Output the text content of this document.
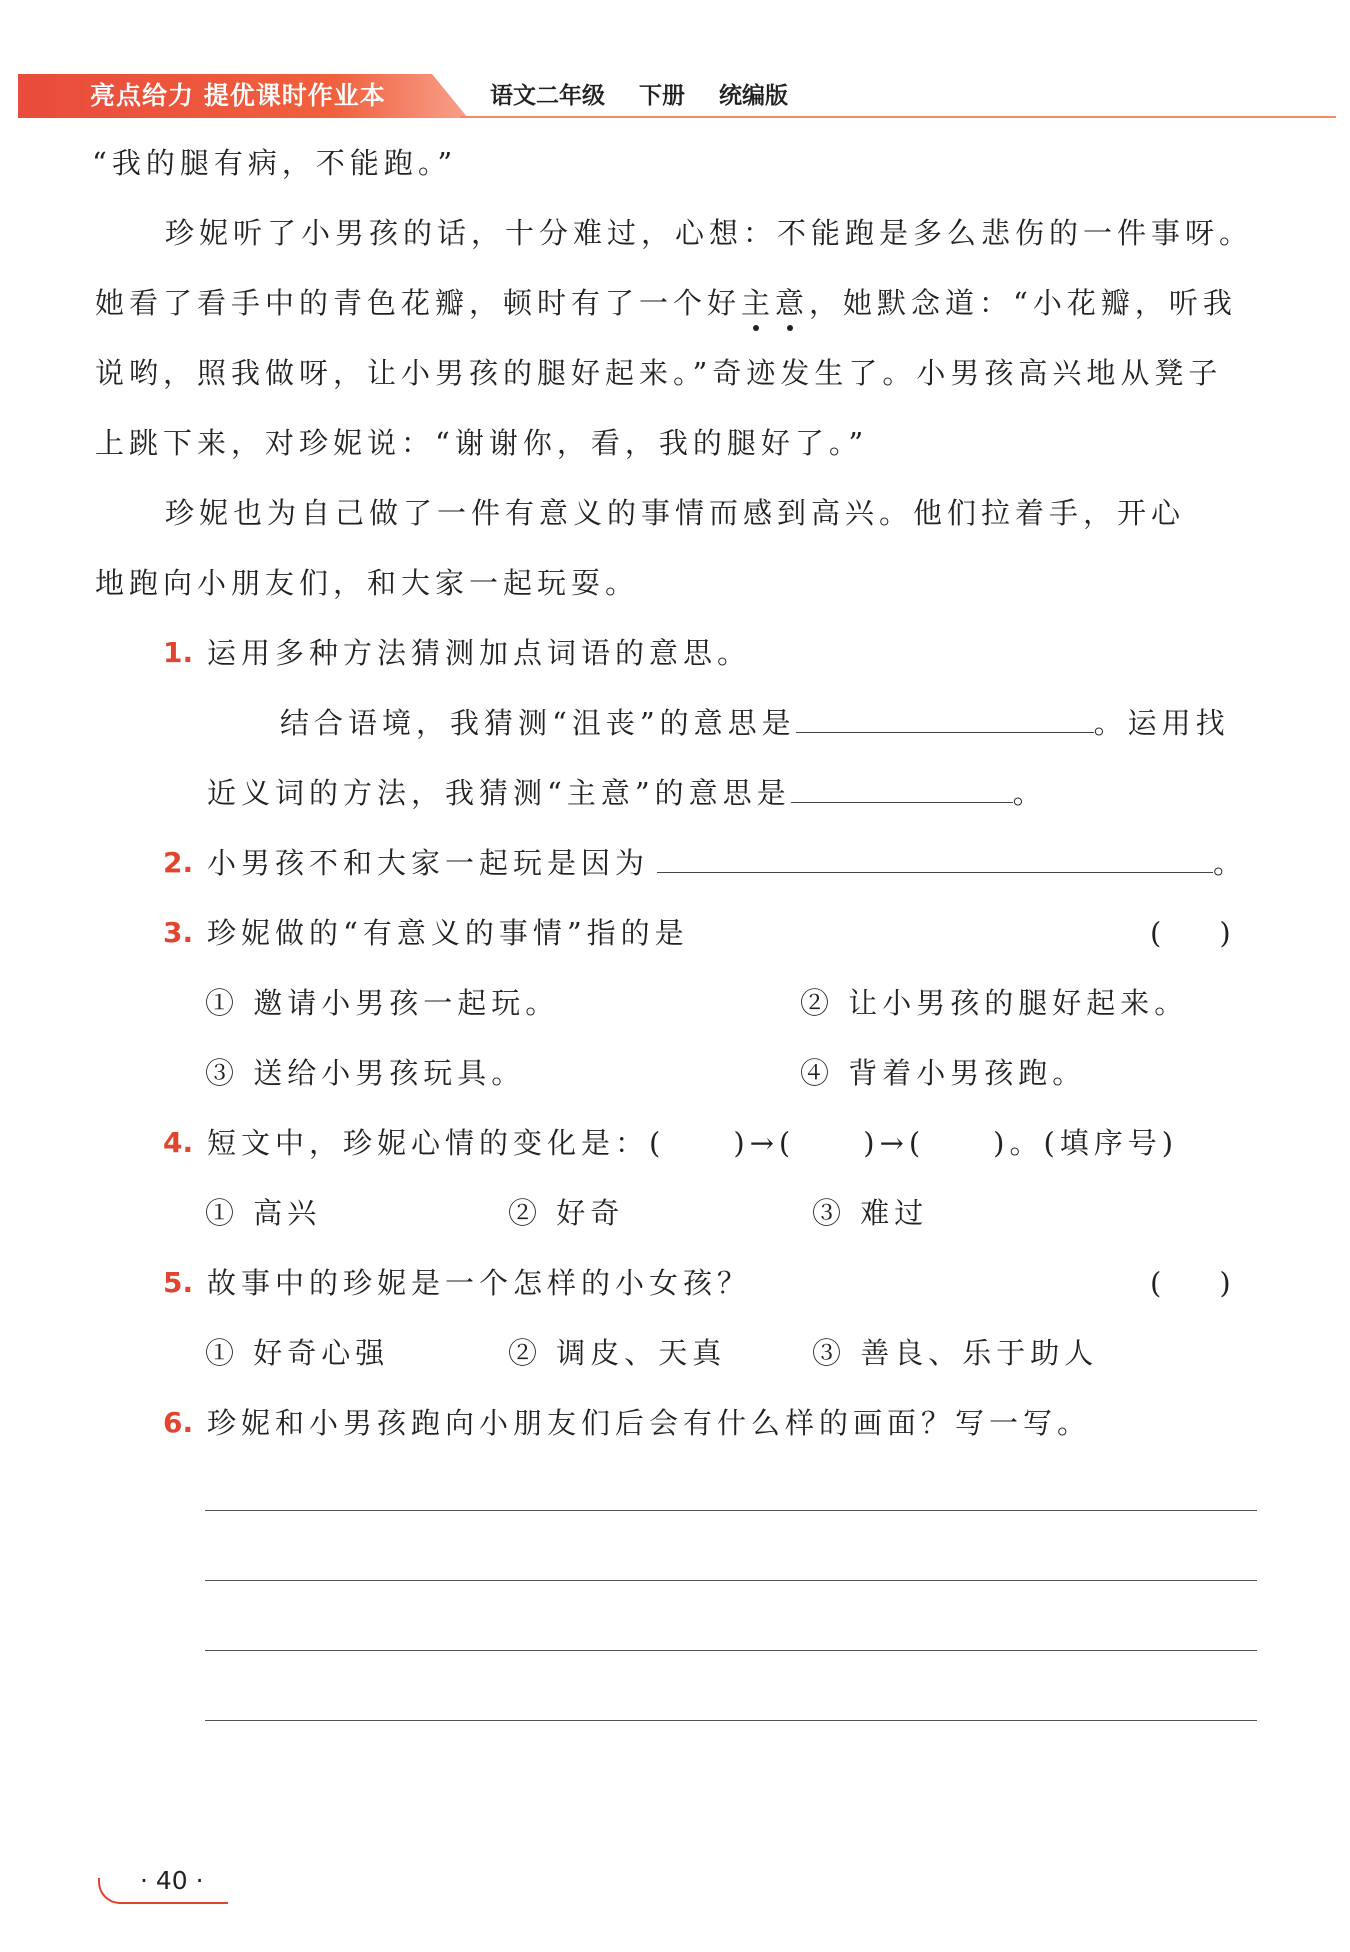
亮点给力 提优课时作业本	语文二年级 下册 统编版
“我的腿有病，不能跑。”
珍妮听了小男孩的话，十分难过，心想：不能跑是多么悲伤的一件事呀。
她看了看手中的青色花瓣，顿时有了一个好主意，她默念道：“小花瓣，听我
说哟，照我做呀，让小男孩的腿好起来。”奇迹发生了。小男孩高兴地从凳子
上跳下来，对珍妮说：“谢谢你，看，我的腿好了。”
珍妮也为自己做了一件有意义的事情而感到高兴。他们拉着手，开心
地跑向小朋友们，和大家一起玩耍。
1. 运用多种方法猜测加点词语的意思。
结合语境，我猜测“沮丧”的意思是	。运用找
近义词的方法，我猜测“主意”的意思是	。
2. 小男孩不和大家一起玩是因为	。
3. 珍妮做的“有意义的事情”指的是	(　　)
① 邀请小男孩一起玩。	② 让小男孩的腿好起来。
③ 送给小男孩玩具。	④ 背着小男孩跑。
4. 短文中，珍妮心情的变化是：(　　)→(　　)→(　　)。(填序号)
① 高兴	② 好奇	③ 难过
5. 故事中的珍妮是一个怎样的小女孩？	(　　)
① 好奇心强	② 调皮、天真	③ 善良、乐于助人
6. 珍妮和小男孩跑向小朋友们后会有什么样的画面？写一写。
· 40 ·
